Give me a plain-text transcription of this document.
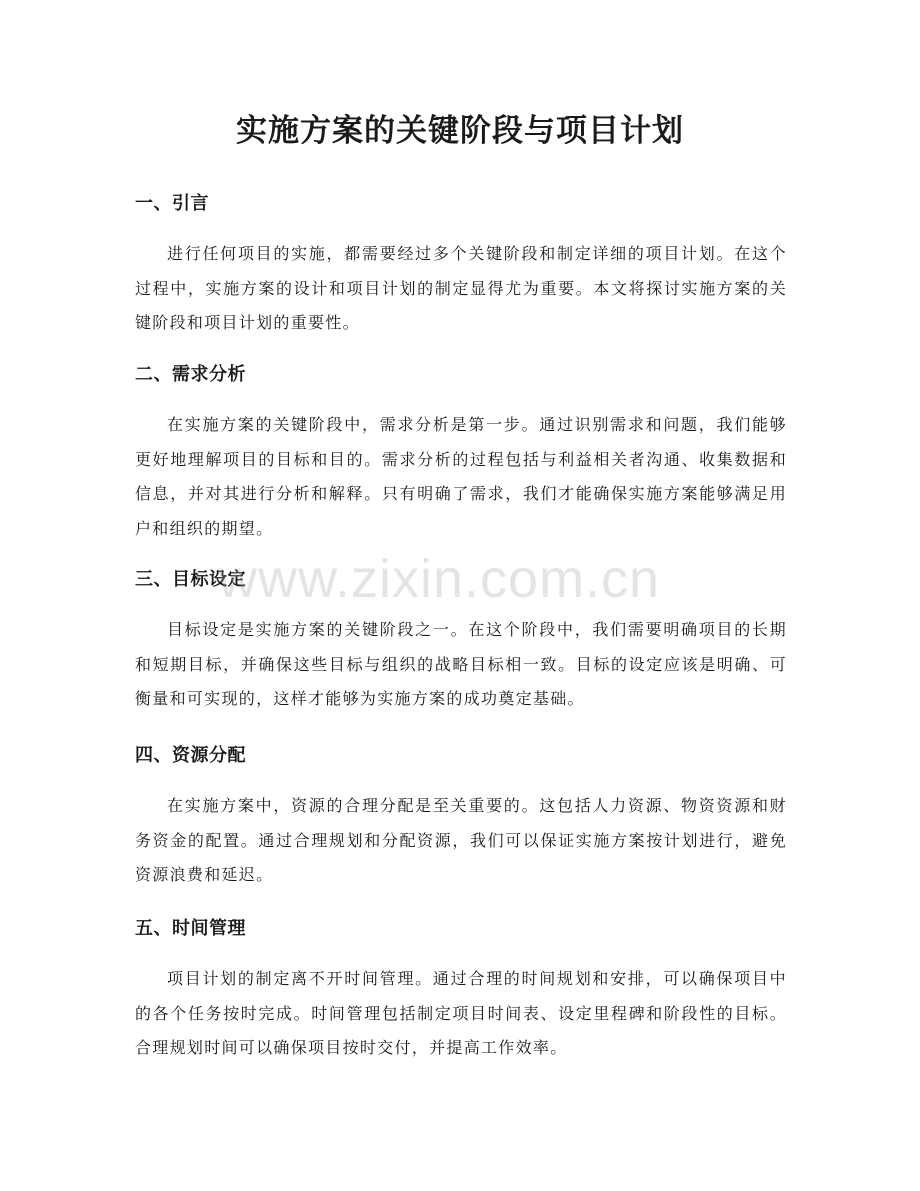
实施方案的关键阶段与项目计划
一、引言

进行任何项目的实施，都需要经过多个关键阶段和制定详细的项目计划。在这个过程中，实施方案的设计和项目计划的制定显得尤为重要。本文将探讨实施方案的关键阶段和项目计划的重要性。

二、需求分析

在实施方案的关键阶段中，需求分析是第一步。通过识别需求和问题，我们能够更好地理解项目的目标和目的。需求分析的过程包括与利益相关者沟通、收集数据和信息，并对其进行分析和解释。只有明确了需求，我们才能确保实施方案能够满足用户和组织的期望。

三、目标设定

目标设定是实施方案的关键阶段之一。在这个阶段中，我们需要明确项目的长期和短期目标，并确保这些目标与组织的战略目标相一致。目标的设定应该是明确、可衡量和可实现的，这样才能够为实施方案的成功奠定基础。

四、资源分配

在实施方案中，资源的合理分配是至关重要的。这包括人力资源、物资资源和财务资金的配置。通过合理规划和分配资源，我们可以保证实施方案按计划进行，避免资源浪费和延迟。

五、时间管理

项目计划的制定离不开时间管理。通过合理的时间规划和安排，可以确保项目中的各个任务按时完成。时间管理包括制定项目时间表、设定里程碑和阶段性的目标。合理规划时间可以确保项目按时交付，并提高工作效率。

www.zixin.com.cn
